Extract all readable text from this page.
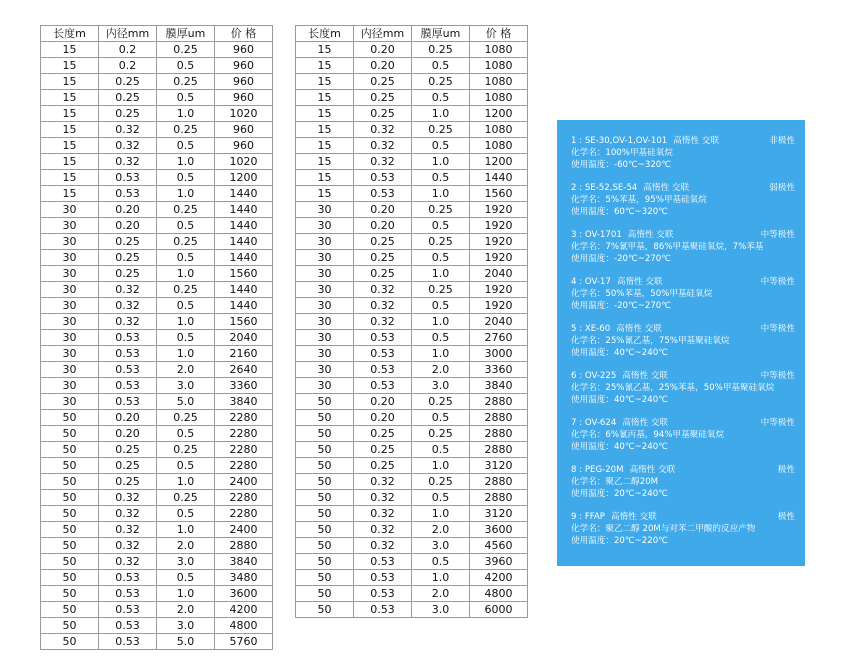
长度m	内径mm	膜厚um	价 格
15	0.2	0.25	960
15	0.2	0.5	960
15	0.25	0.25	960
15	0.25	0.5	960
15	0.25	1.0	1020
15	0.32	0.25	960
15	0.32	0.5	960
15	0.32	1.0	1020
15	0.53	0.5	1200
15	0.53	1.0	1440
30	0.20	0.25	1440
30	0.20	0.5	1440
30	0.25	0.25	1440
30	0.25	0.5	1440
30	0.25	1.0	1560
30	0.32	0.25	1440
30	0.32	0.5	1440
30	0.32	1.0	1560
30	0.53	0.5	2040
30	0.53	1.0	2160
30	0.53	2.0	2640
30	0.53	3.0	3360
30	0.53	5.0	3840
50	0.20	0.25	2280
50	0.20	0.5	2280
50	0.25	0.25	2280
50	0.25	0.5	2280
50	0.25	1.0	2400
50	0.32	0.25	2280
50	0.32	0.5	2280
50	0.32	1.0	2400
50	0.32	2.0	2880
50	0.32	3.0	3840
50	0.53	0.5	3480
50	0.53	1.0	3600
50	0.53	2.0	4200
50	0.53	3.0	4800
50	0.53	5.0	5760
长度m	内径mm	膜厚um	价 格
15	0.20	0.25	1080
15	0.20	0.5	1080
15	0.25	0.25	1080
15	0.25	0.5	1080
15	0.25	1.0	1200
15	0.32	0.25	1080
15	0.32	0.5	1080
15	0.32	1.0	1200
15	0.53	0.5	1440
15	0.53	1.0	1560
30	0.20	0.25	1920
30	0.20	0.5	1920
30	0.25	0.25	1920
30	0.25	0.5	1920
30	0.25	1.0	2040
30	0.32	0.25	1920
30	0.32	0.5	1920
30	0.32	1.0	2040
30	0.53	0.5	2760
30	0.53	1.0	3000
30	0.53	2.0	3360
30	0.53	3.0	3840
50	0.20	0.25	2880
50	0.20	0.5	2880
50	0.25	0.25	2880
50	0.25	0.5	2880
50	0.25	1.0	3120
50	0.32	0.25	2880
50	0.32	0.5	2880
50	0.32	1.0	3120
50	0.32	2.0	3600
50	0.32	3.0	4560
50	0.53	0.5	3960
50	0.53	1.0	4200
50	0.53	2.0	4800
50	0.53	3.0	6000
1 : SE-30,OV-1,OV-101 高惰性 交联	非极性
化学名：100%甲基硅氧烷
使用温度：-60℃~320℃
2 : SE-52,SE-54 高惰性 交联	弱极性
化学名：5%苯基，95%甲基硅氧烷
使用温度：60℃~320℃
3 : OV-1701 高惰性 交联	中等极性
化学名：7%氰甲基，86%甲基聚硅氧烷，7%苯基
使用温度：-20℃~270℃
4 : OV-17 高惰性 交联	中等极性
化学名：50%苯基，50%甲基硅氧烷
使用温度：-20℃~270℃
5 : XE-60 高惰性 交联	中等极性
化学名：25%氰乙基，75%甲基聚硅氧烷
使用温度：40℃~240℃
6 : OV-225 高惰性 交联	中等极性
化学名：25%氰乙基，25%苯基，50%甲基聚硅氧烷
使用温度：40℃~240℃
7 : OV-624 高惰性 交联	中等极性
化学名：6%氰丙基，94%甲基聚硅氧烷
使用温度：40℃~240℃
8 : PEG-20M 高惰性 交联	极性
化学名：聚乙二醇20M
使用温度：20℃~240℃
9 : FFAP 高惰性 交联	极性
化学名：聚乙二醇 20M与对苯二甲酸的反应产物
使用温度：20℃~220℃
